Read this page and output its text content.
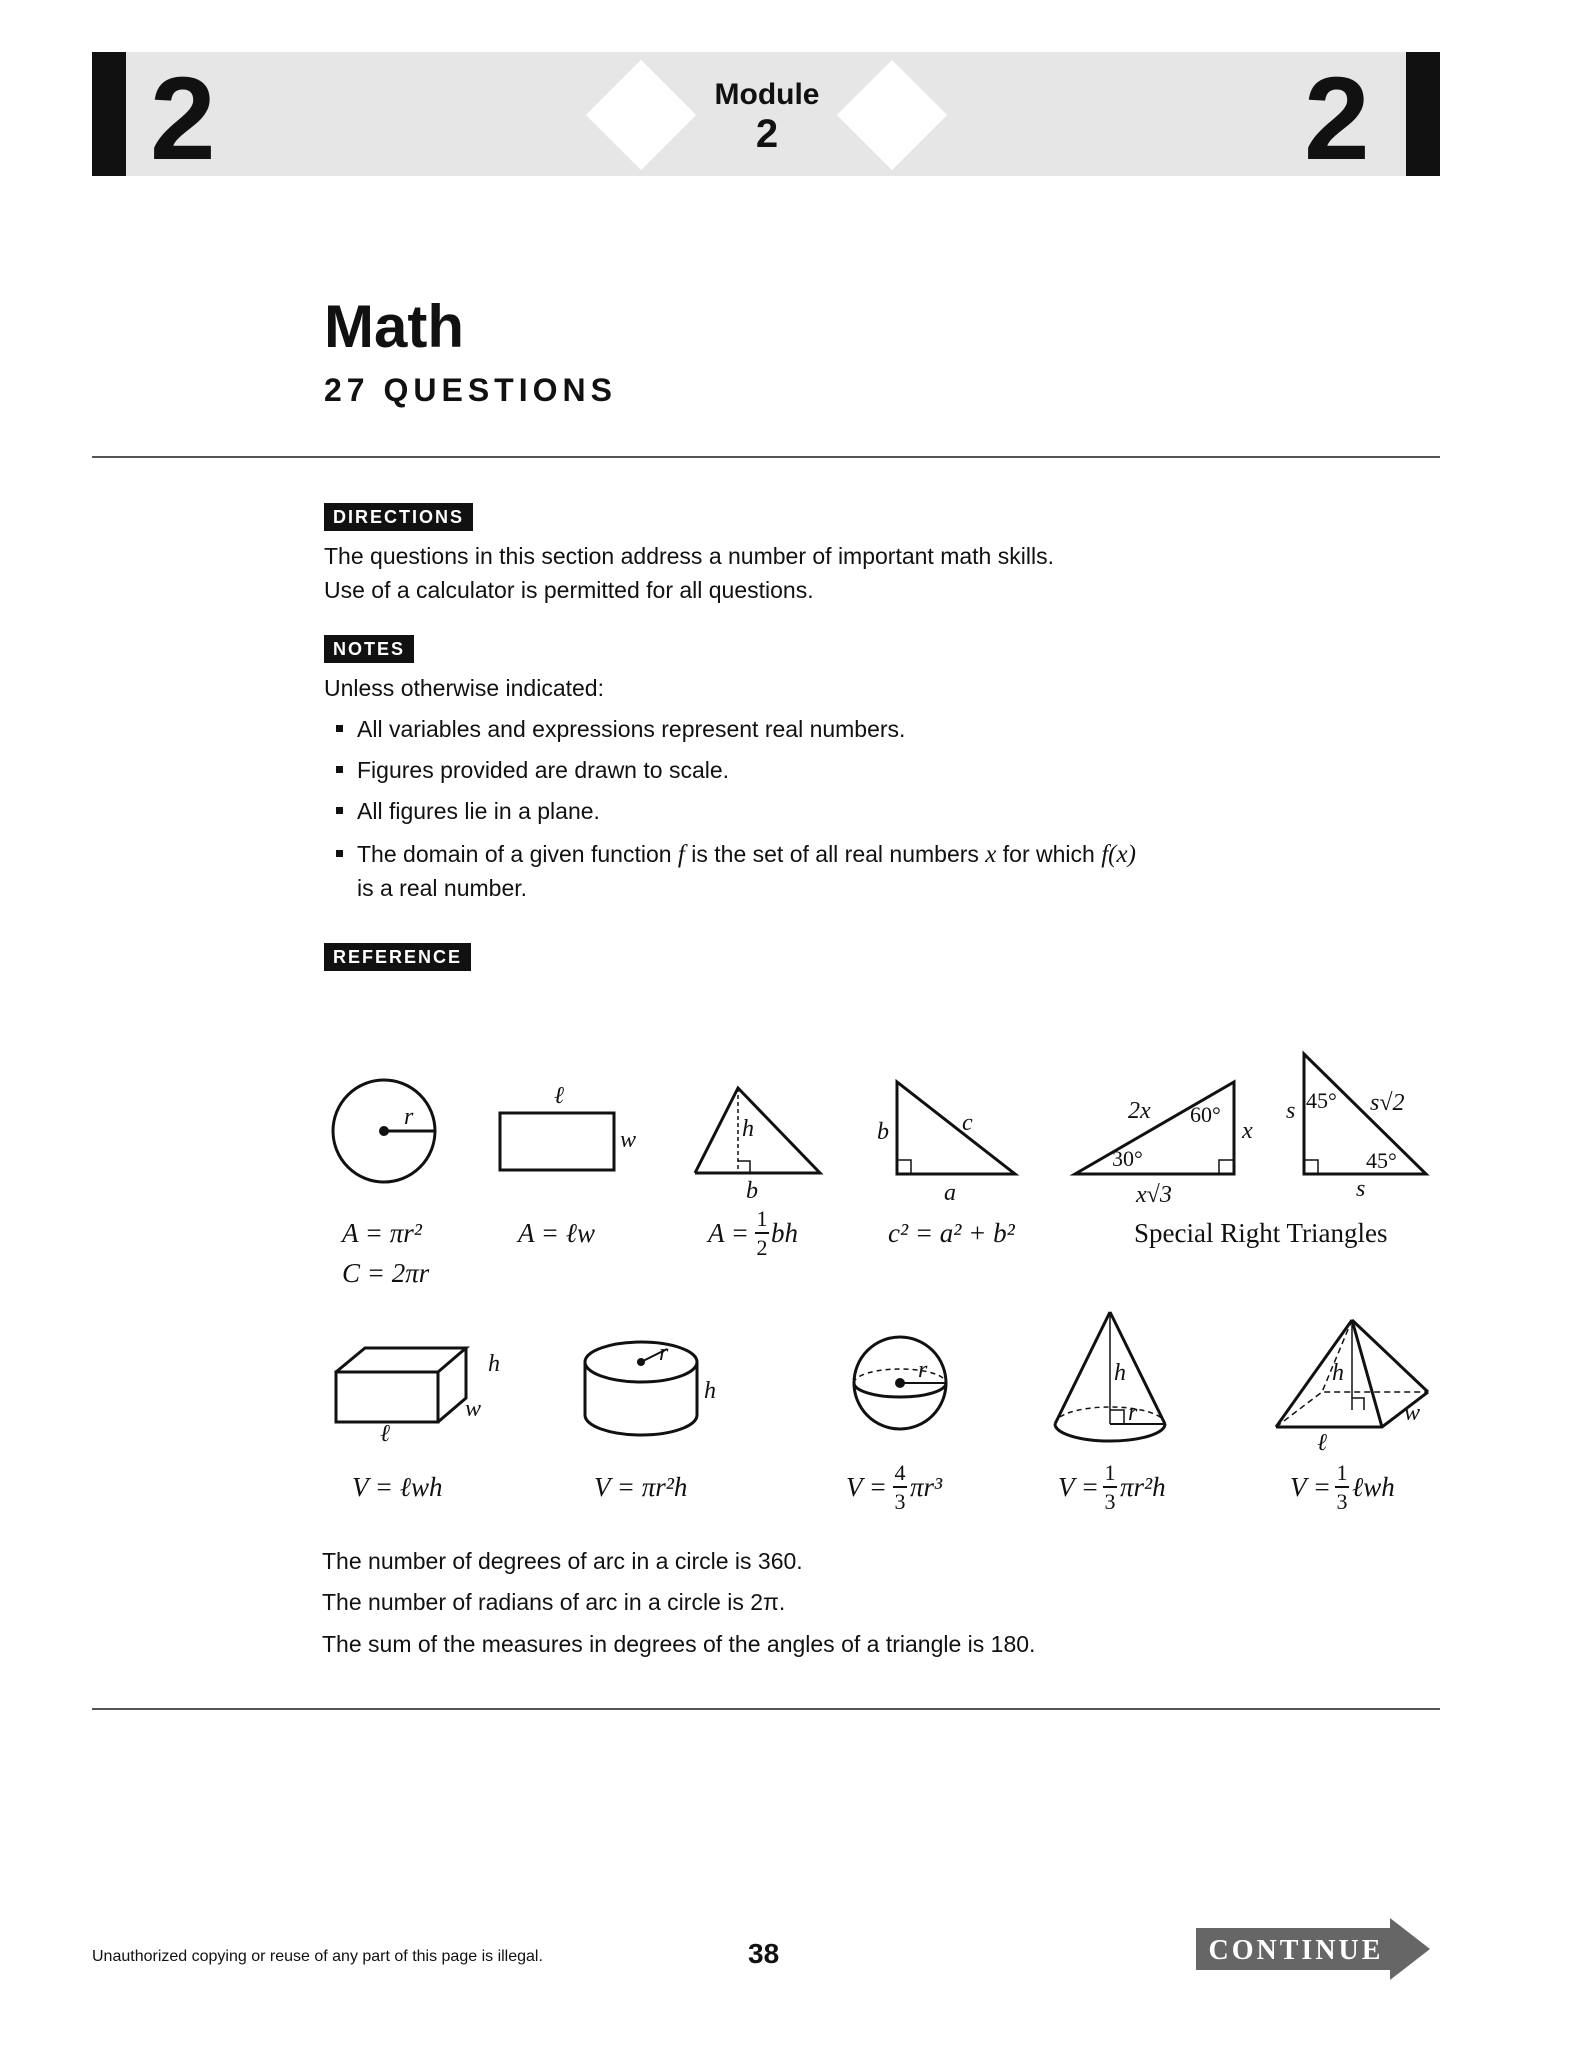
2	2
Module
2
Math
27 QUESTIONS
DIRECTIONS
The questions in this section address a number of important math skills.
Use of a calculator is permitted for all questions.
NOTES
Unless otherwise indicated:
All variables and expressions represent real numbers.
Figures provided are drawn to scale.
All figures lie in a plane.
The domain of a given function f is the set of all real numbers x for which f(x)
is a real number.
REFERENCE
r
ℓ
w	h
b
b	c
a
2x
x
x√3
s	s√2
s
h
w
ℓ
r
h
r	h
r
h
w
ℓ
60°
30°
45°
45°
A = πr²
C = 2πr
A = ℓw	A = bh	c² = a² + b²
V = ℓwh	V = πr²h	V = πr³	V = πr²h	V = ℓwh
Special Right Triangles
1
2
4
3
1
3
1
3
The number of degrees of arc in a circle is 360.
The number of radians of arc in a circle is 2π.
The sum of the measures in degrees of the angles of a triangle is 180.
Unauthorized copying or reuse of any part of this page is illegal.	38	CONTINUE
